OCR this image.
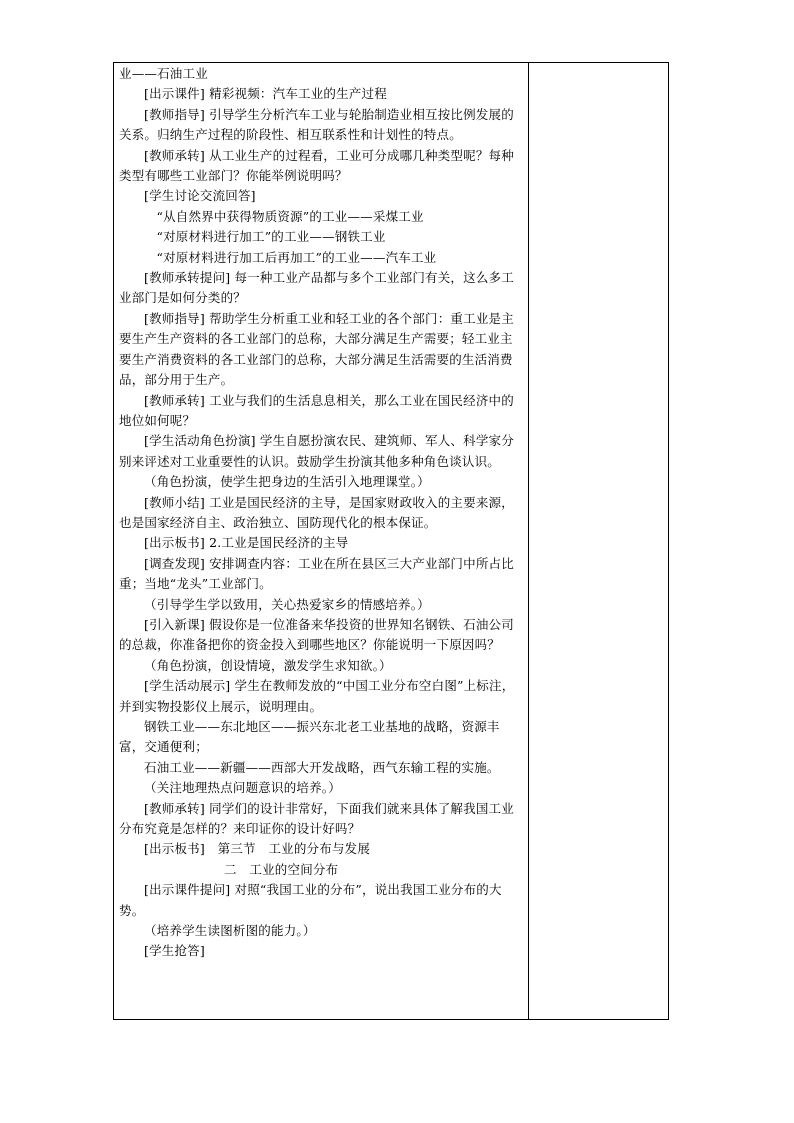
业——石油工业

[出示课件] 精彩视频：汽车工业的生产过程

[教师指导] 引导学生分析汽车工业与轮胎制造业相互按比例发展的关系。归纳生产过程的阶段性、相互联系性和计划性的特点。

[教师承转] 从工业生产的过程看，工业可分成哪几种类型呢？每种类型有哪些工业部门？你能举例说明吗？

[学生讨论交流回答]

“从自然界中获得物质资源”的工业——采煤工业

“对原材料进行加工”的工业——钢铁工业

“对原材料进行加工后再加工”的工业——汽车工业

[教师承转提问] 每一种工业产品都与多个工业部门有关，这么多工业部门是如何分类的？

[教师指导] 帮助学生分析重工业和轻工业的各个部门：重工业是主要生产生产资料的各工业部门的总称，大部分满足生产需要；轻工业主要生产消费资料的各工业部门的总称，大部分满足生活需要的生活消费品，部分用于生产。

[教师承转] 工业与我们的生活息息相关，那么工业在国民经济中的地位如何呢？

[学生活动角色扮演] 学生自愿扮演农民、建筑师、军人、科学家分别来评述对工业重要性的认识。鼓励学生扮演其他多种角色谈认识。

（角色扮演，使学生把身边的生活引入地理课堂。）

[教师小结] 工业是国民经济的主导，是国家财政收入的主要来源，也是国家经济自主、政治独立、国防现代化的根本保证。

[出示板书] 2.工业是国民经济的主导

[调查发现] 安排调查内容：工业在所在县区三大产业部门中所占比重；当地“龙头”工业部门。

（引导学生学以致用，关心热爱家乡的情感培养。）

[引入新课] 假设你是一位准备来华投资的世界知名钢铁、石油公司的总裁，你准备把你的资金投入到哪些地区？你能说明一下原因吗？

（角色扮演，创设情境，激发学生求知欲。）

[学生活动展示] 学生在教师发放的“中国工业分布空白图”上标注，并到实物投影仪上展示，说明理由。

钢铁工业——东北地区——振兴东北老工业基地的战略，资源丰富，交通便利；

石油工业——新疆——西部大开发战略，西气东输工程的实施。

（关注地理热点问题意识的培养。）

[教师承转] 同学们的设计非常好，下面我们就来具体了解我国工业分布究竟是怎样的？来印证你的设计好吗？

[出示板书]　第三节　工业的分布与发展

二　工业的空间分布

[出示课件提问] 对照“我国工业的分布”，说出我国工业分布的大势。

（培养学生读图析图的能力。）

[学生抢答]
